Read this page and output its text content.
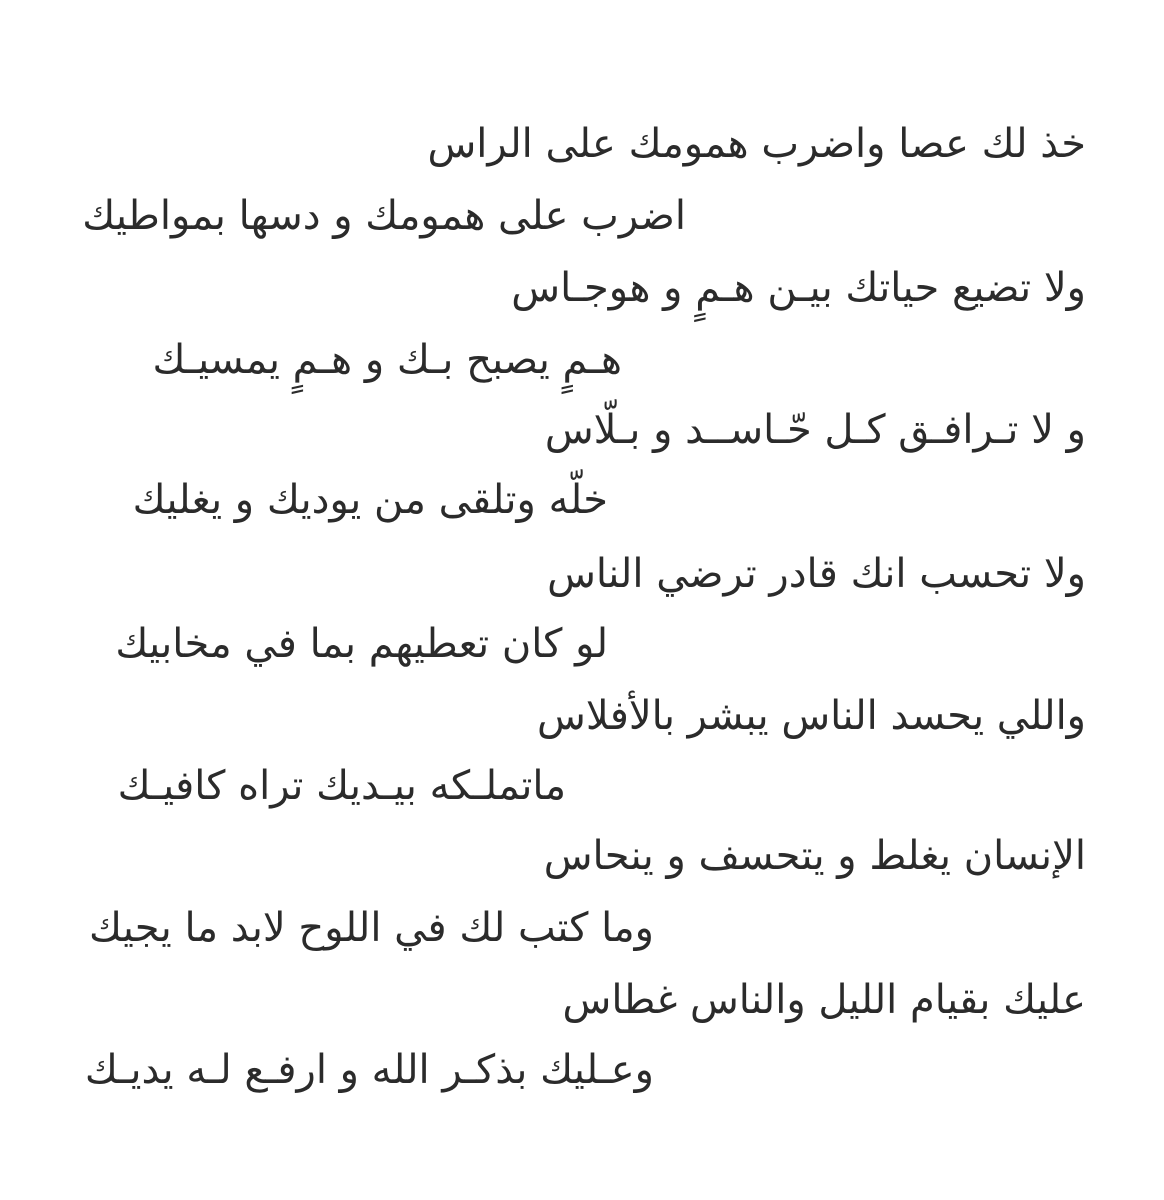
خذ لك عصا واضرب همومك على الراس
اضرب على همومك و دسها بمواطيك
ولا تضيع حياتك بيـن هـمٍ و هوجـاس
هـمٍ يصبح بـك و هـمٍ يمسيـك
و لا تـرافـق كـل حّـاســد و بـلّاس
خلّه وتلقى من يوديك و يغليك
ولا تحسب انك قادر ترضي الناس
لو كان تعطيهم بما في مخابيك
واللي يحسد الناس يبشر بالأفلاس
ماتملـكه بيـديك تراه كافيـك
الإنسان يغلط و يتحسف و ينحاس
وما كتب لك في اللوح لابد ما يجيك
عليك بقيام الليل والناس غطاس
وعـليك بذكـر الله و ارفـع لـه يديـك
